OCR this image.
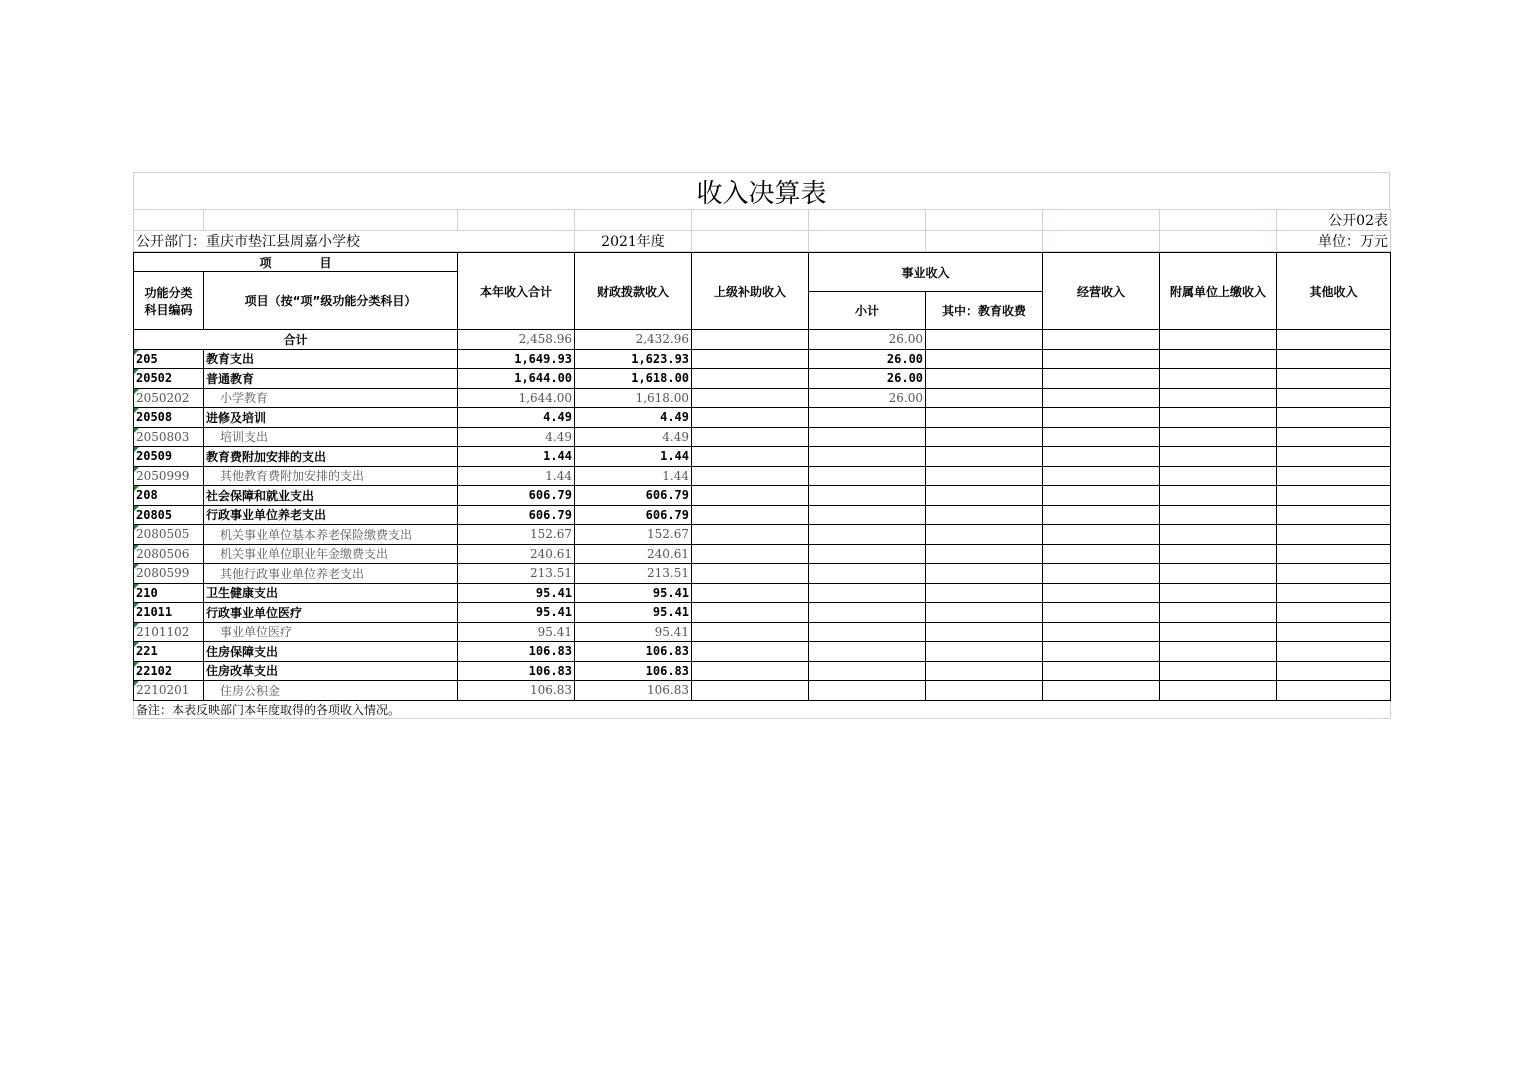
收入决算表
									公开02表
公开部门：重庆市垫江县周嘉小学校			2021年度						单位：万元
项　　　　目		本年收入合计	财政拨款收入	上级补助收入	事业收入		经营收入	附属单位上缴收入	其他收入
功能分类科目编码	项目（按“项”级功能分类科目）								
					小计	其中：教育收费			
合计		2,458.96	2,432.96		26.00				
205	教育支出	1,649.93	1,623.93		26.00				
20502	普通教育	1,644.00	1,618.00		26.00				
2050202	小学教育	1,644.00	1,618.00		26.00				
20508	进修及培训	4.49	4.49						
2050803	培训支出	4.49	4.49						
20509	教育费附加安排的支出	1.44	1.44						
2050999	其他教育费附加安排的支出	1.44	1.44						
208	社会保障和就业支出	606.79	606.79						
20805	行政事业单位养老支出	606.79	606.79						
2080505	机关事业单位基本养老保险缴费支出	152.67	152.67						
2080506	机关事业单位职业年金缴费支出	240.61	240.61						
2080599	其他行政事业单位养老支出	213.51	213.51						
210	卫生健康支出	95.41	95.41						
21011	行政事业单位医疗	95.41	95.41						
2101102	事业单位医疗	95.41	95.41						
221	住房保障支出	106.83	106.83						
22102	住房改革支出	106.83	106.83						
2210201	住房公积金	106.83	106.83						
备注：本表反映部门本年度取得的各项收入情况。									
